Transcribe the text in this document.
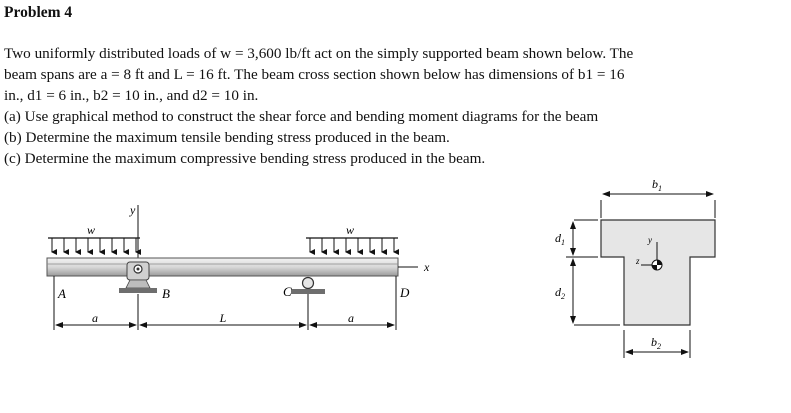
Problem 4
Two uniformly distributed loads of w = 3,600 lb/ft act on the simply supported beam shown below. The
beam spans are a = 8 ft and L = 16 ft. The beam cross section shown below has dimensions of b1 = 16
in., d1 = 6 in., b2 = 10 in., and d2 = 10 in.
(a) Use graphical method to construct the shear force and bending moment diagrams for the beam
(b) Determine the maximum tensile bending stress produced in the beam.
(c) Determine the maximum compressive bending stress produced in the beam.
w
y
w
x
A	B	C	D
a	L	a
$b_1$
$b_2$
$d_1$
$d_2$
y
z
